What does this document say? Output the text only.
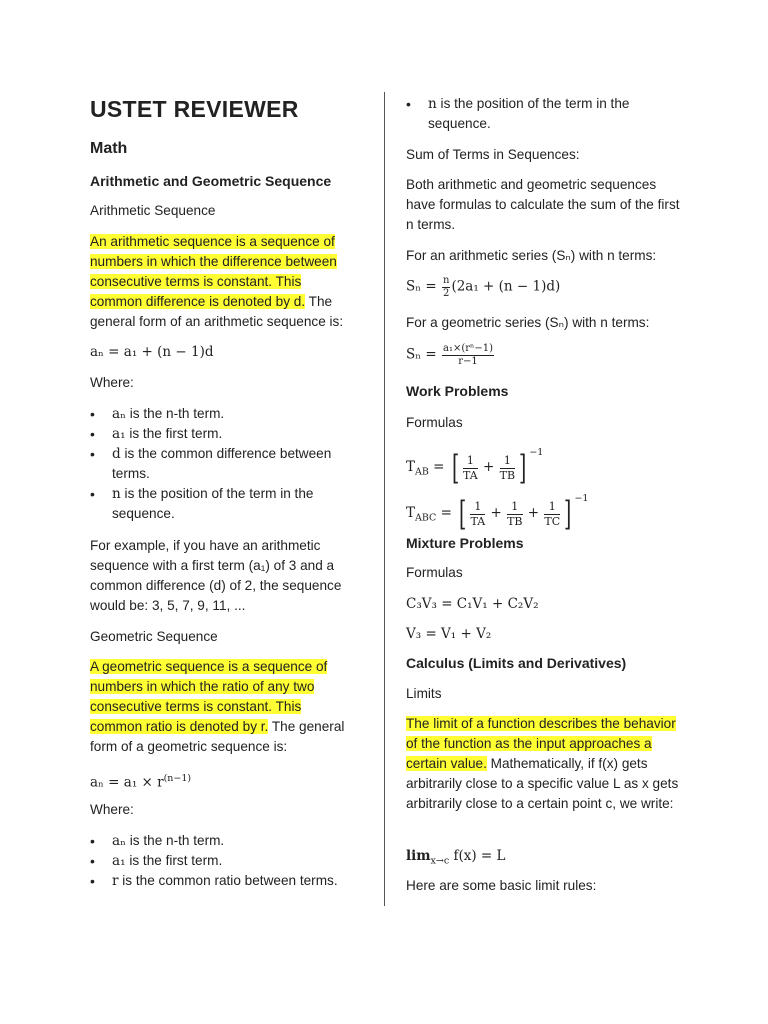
USTET REVIEWER
Math
Arithmetic and Geometric Sequence
Arithmetic Sequence

An arithmetic sequence is a sequence of numbers in which the difference between consecutive terms is constant. This common difference is denoted by d. The general form of an arithmetic sequence is:

aₙ = a₁ + (n − 1)d
Where:
• aₙ is the n-th term.
• a₁ is the first term.
• d is the common difference between terms.
• n is the position of the term in the sequence.

For example, if you have an arithmetic sequence with a first term (a₁) of 3 and a common difference (d) of 2, the sequence would be: 3, 5, 7, 9, 11, ...

Geometric Sequence

A geometric sequence is a sequence of numbers in which the ratio of any two consecutive terms is constant. This common ratio is denoted by r. The general form of a geometric sequence is:

$a_n = a_1 \times r^{(n-1)}$
Where:
• aₙ is the n-th term.
• a₁ is the first term.
• r is the common ratio between terms.
• n is the position of the term in the sequence.
Sum of Terms in Sequences:

Both arithmetic and geometric sequences have formulas to calculate the sum of the first n terms.

For an arithmetic series (Sₙ) with n terms:
$S_n = \frac{n}{2} (2a_1 + (n - 1)d)$
For a geometric series (Sₙ) with n terms:
$S_n = \frac{\text{a₁×(rⁿ−1)}}{r-1}$
Work Problems
Formulas
$T_{AB}$ = [ $\frac{1}{TA} + \frac{1}{TB}$ ] $^{-1}$
$T_{ABC}$ = [ $\frac{1}{TA} + \frac{1}{TB} + \frac{1}{TC}$ ] $^{-1}$
Mixture Problems
Formulas
C₃V₃ = C₁V₁ + C₂V₂
V₃ = V₁ + V₂
Calculus (Limits and Derivatives)
Limits

The limit of a function describes the behavior of the function as the input approaches a certain value. Mathematically, if f(x) gets arbitrarily close to a specific value L as x gets arbitrarily close to a certain point c, we write:

$\lim_{x\to c} f(x) = L$
Here are some basic limit rules:
